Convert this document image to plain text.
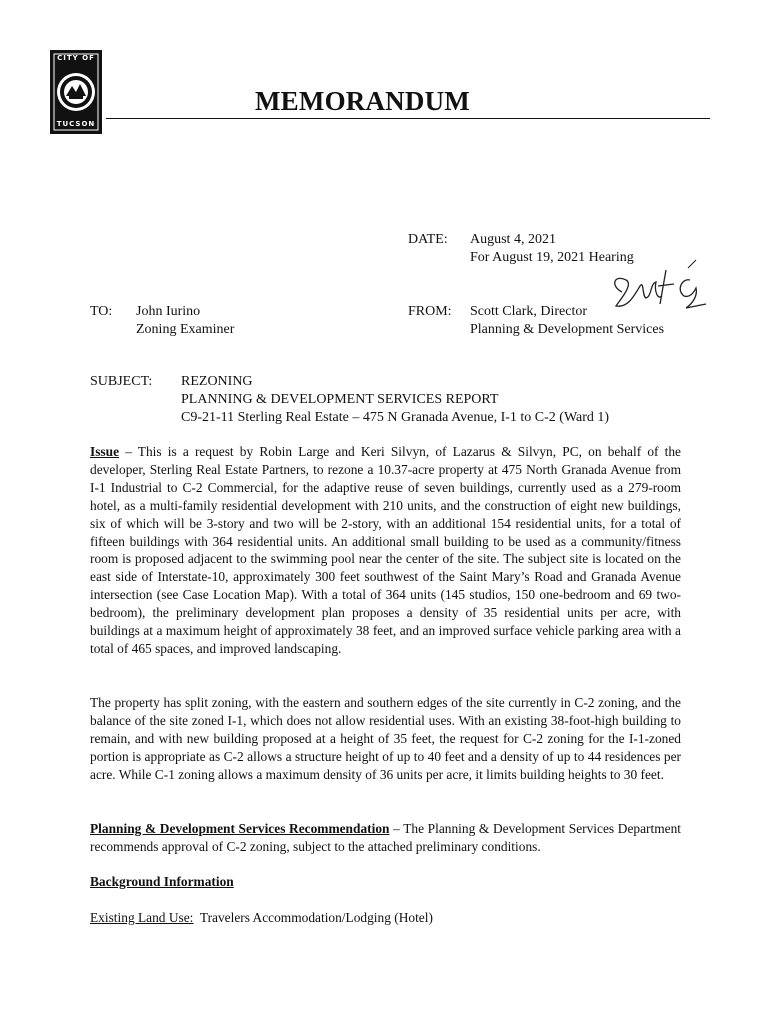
CITY OF
TUCSON
MEMORANDUM
DATE: August 4, 2021
For August 19, 2021 Hearing
TO: John Iurino
Zoning Examiner
FROM: Scott Clark, Director
Planning & Development Services
SUBJECT: REZONING
PLANNING & DEVELOPMENT SERVICES REPORT
C9-21-11 Sterling Real Estate – 475 N Granada Avenue, I-1 to C-2 (Ward 1)
Issue – This is a request by Robin Large and Keri Silvyn, of Lazarus & Silvyn, PC, on behalf of the developer, Sterling Real Estate Partners, to rezone a 10.37-acre property at 475 North Granada Avenue from I-1 Industrial to C-2 Commercial, for the adaptive reuse of seven buildings, currently used as a 279-room hotel, as a multi-family residential development with 210 units, and the construction of eight new buildings, six of which will be 3-story and two will be 2-story, with an additional 154 residential units, for a total of fifteen buildings with 364 residential units. An additional small building to be used as a community/fitness room is proposed adjacent to the swimming pool near the center of the site. The subject site is located on the east side of Interstate-10, approximately 300 feet southwest of the Saint Mary’s Road and Granada Avenue intersection (see Case Location Map). With a total of 364 units (145 studios, 150 one-bedroom and 69 two-bedroom), the preliminary development plan proposes a density of 35 residential units per acre, with buildings at a maximum height of approximately 38 feet, and an improved surface vehicle parking area with a total of 465 spaces, and improved landscaping.
The property has split zoning, with the eastern and southern edges of the site currently in C-2 zoning, and the balance of the site zoned I-1, which does not allow residential uses. With an existing 38-foot-high building to remain, and with new building proposed at a height of 35 feet, the request for C-2 zoning for the I-1-zoned portion is appropriate as C-2 allows a structure height of up to 40 feet and a density of up to 44 residences per acre. While C-1 zoning allows a maximum density of 36 units per acre, it limits building heights to 30 feet.
Planning & Development Services Recommendation – The Planning & Development Services Department recommends approval of C-2 zoning, subject to the attached preliminary conditions.
Background Information
Existing Land Use:  Travelers Accommodation/Lodging (Hotel)
